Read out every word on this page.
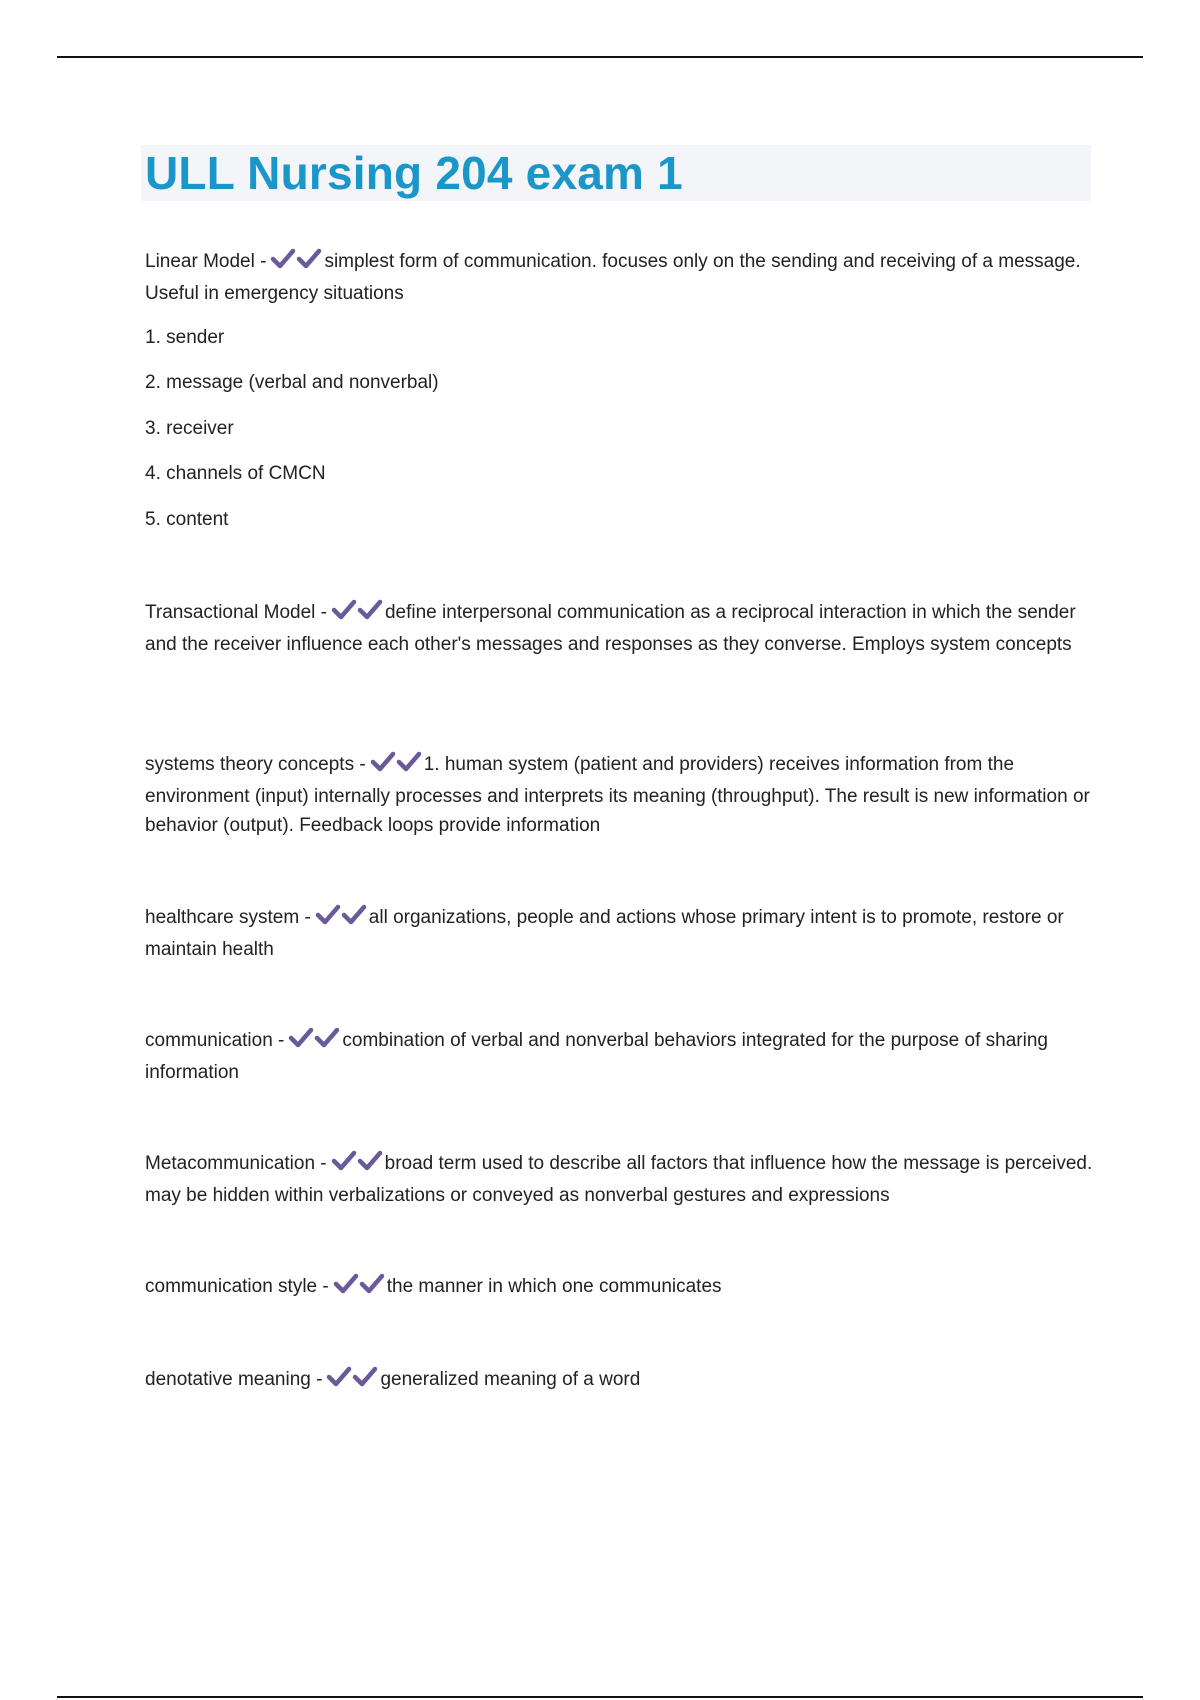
ULL Nursing 204 exam 1
Linear Model -	simplest form of communication. focuses only on the sending and receiving of a message. Useful in emergency situations
1. sender
2. message (verbal and nonverbal)
3. receiver
4. channels of CMCN
5. content
Transactional Model -	define interpersonal communication as a reciprocal interaction in which the sender and the receiver influence each other's messages and responses as they converse. Employs system concepts
systems theory concepts -	1. human system (patient and providers) receives information from the environment (input) internally processes and interprets its meaning (throughput). The result is new information or behavior (output). Feedback loops provide information
healthcare system -	all organizations, people and actions whose primary intent is to promote, restore or maintain health
communication -	combination of verbal and nonverbal behaviors integrated for the purpose of sharing information
Metacommunication -	broad term used to describe all factors that influence how the message is perceived. may be hidden within verbalizations or conveyed as nonverbal gestures and expressions
communication style -	the manner in which one communicates
denotative meaning -	generalized meaning of a word
